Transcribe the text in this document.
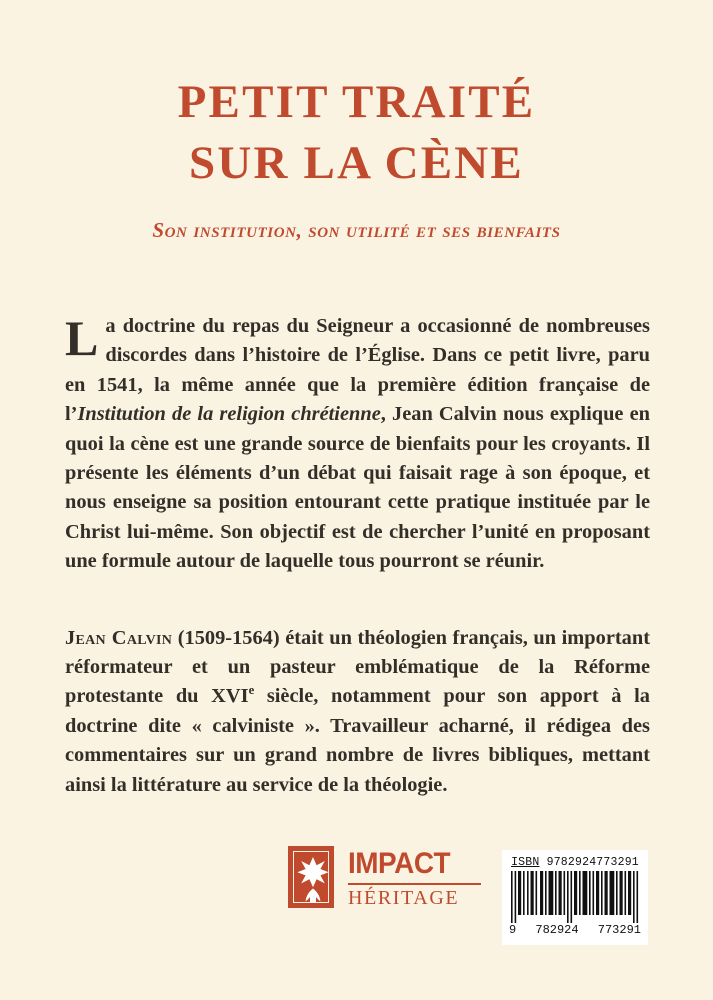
PETIT TRAITÉ
SUR LA CÈNE
Son institution, son utilité et ses bienfaits

La doctrine du repas du Seigneur a occasionné de nombreuses discordes dans l’histoire de l’Église. Dans ce petit livre, paru en 1541, la même année que la première édition française de l’Institution de la religion chrétienne, Jean Calvin nous explique en quoi la cène est une grande source de bienfaits pour les croyants. Il présente les éléments d’un débat qui faisait rage à son époque, et nous enseigne sa position entourant cette pratique instituée par le Christ lui-même. Son objectif est de chercher l’unité en proposant une formule autour de laquelle tous pourront se réunir.

Jean Calvin (1509-1564) était un théologien français, un important réformateur et un pasteur emblématique de la Réforme protestante du XVIe siècle, notamment pour son apport à la doctrine dite « calviniste ». Travailleur acharné, il rédigea des commentaires sur un grand nombre de livres bibliques, mettant ainsi la littérature au service de la théologie.

IMPACT
HÉRITAGE
ISBN 9782924773291
9 782924 773291
